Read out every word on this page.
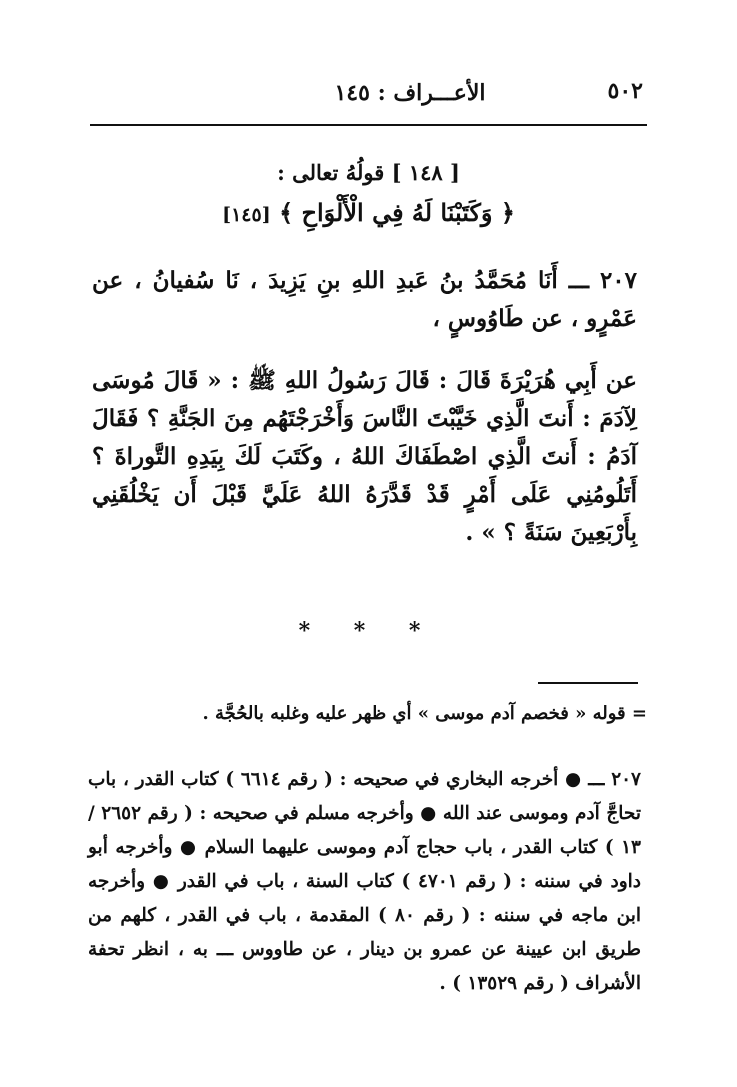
٥٠٢
الأعـــراف : ١٤٥
[ ١٤٨ ] قولُهُ تعالى :
﴿ وَكَتَبْنَا لَهُ فِي الْأَلْوَاحِ ﴾ [١٤٥]

٢٠٧ ـــ أَنَا مُحَمَّدُ بنُ عَبدِ اللهِ بنِ يَزِيدَ ، نَا سُفيانُ ، عن عَمْرٍو ، عن طَاوُوسٍ ،

عن أَبِي هُرَيْرَةَ قَالَ : قَالَ رَسُولُ اللهِ ﷺ : « قَالَ مُوسَى لِآدَمَ : أَنتَ الَّذِي خَيَّبْتَ النَّاسَ وَأَخْرَجْتَهُم مِنَ الجَنَّةِ ؟ فَقَالَ آدَمُ : أَنتَ الَّذِي اصْطَفَاكَ اللهُ ، وكَتَبَ لَكَ بِيَدِهِ التَّوراةَ ؟ أَتَلُومُنِي عَلَى أَمْرٍ قَدْ قَدَّرَهُ اللهُ عَلَيَّ قَبْلَ أَن يَخْلُقَنِي بِأَرْبَعِينَ سَنَةً ؟ » .

* * *
= قوله « فخصم آدم موسى » أي ظهر عليه وغلبه بالحُجَّة .
٢٠٧ ـــ ● أخرجه البخاري في صحيحه : ( رقم ٦٦١٤ ) كتاب القدر ، باب تحاجَّ آدم وموسى عند الله ● وأخرجه مسلم في صحيحه : ( رقم ٢٦٥٢ / ١٣ ) كتاب القدر ، باب حجاج آدم وموسى عليهما السلام ● وأخرجه أبو داود في سننه : ( رقم ٤٧٠١ ) كتاب السنة ، باب في القدر ● وأخرجه ابن ماجه في سننه : ( رقم ٨٠ ) المقدمة ، باب في القدر ، كلهم من طريق ابن عيينة عن عمرو بن دينار ، عن طاووس ـــ به ، انظر تحفة الأشراف ( رقم ١٣٥٢٩ ) .
